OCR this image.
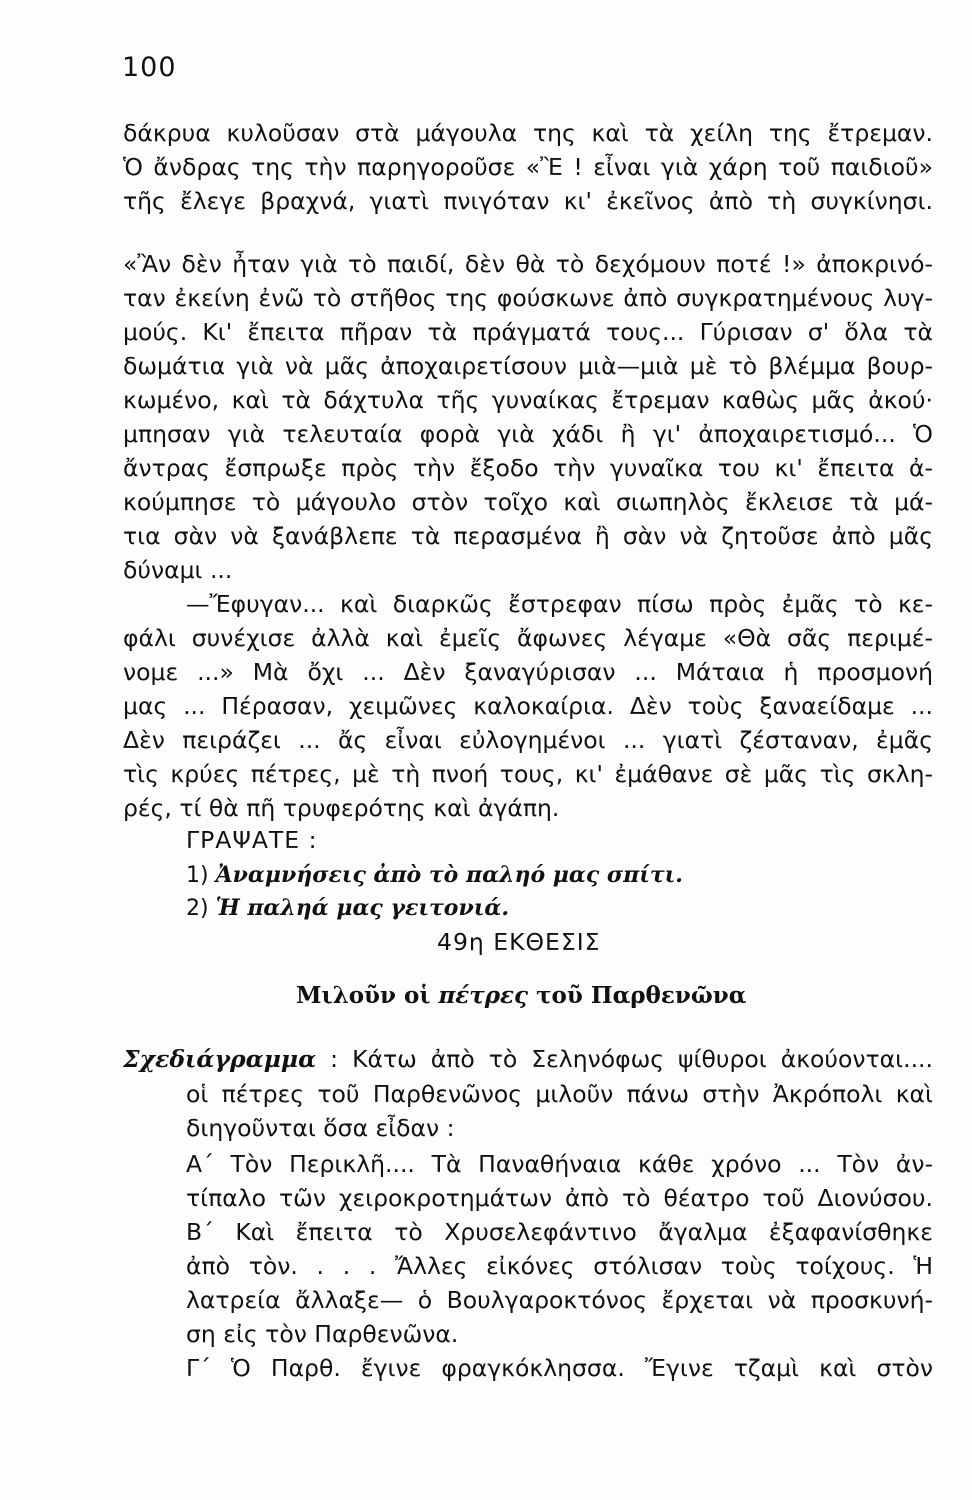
100
δάκρυα κυλοῦσαν στὰ μάγουλα της καὶ τὰ χείλη της ἔτρεμαν.
Ὁ ἄνδρας της τὴν παρηγοροῦσε «Ἒ ! εἶναι γιὰ χάρη τοῦ παιδιοῦ»
τῆς ἔλεγε βραχνά, γιατὶ πνιγόταν κι' ἐκεῖνος ἀπὸ τὴ συγκίνησι.
«Ἂν δὲν ἦταν γιὰ τὸ παιδί, δὲν θὰ τὸ δεχόμουν ποτέ !» ἀποκρινό-
ταν ἐκείνη ἐνῶ τὸ στῆθος της φούσκωνε ἀπὸ συγκρατημένους λυγ-
μούς. Κι' ἔπειτα πῆραν τὰ πράγματά τους... Γύρισαν σ' ὅλα τὰ
δωμάτια γιὰ νὰ μᾶς ἀποχαιρετίσουν μιὰ—μιὰ μὲ τὸ βλέμμα βουρ-
κωμένο, καὶ τὰ δάχτυλα τῆς γυναίκας ἔτρεμαν καθὼς μᾶς ἀκού·
μπησαν γιὰ τελευταία φορὰ γιὰ χάδι ἢ γι' ἀποχαιρετισμό... Ὁ
ἄντρας ἔσπρωξε πρὸς τὴν ἔξοδο τὴν γυναῖκα του κι' ἔπειτα ἀ-
κούμπησε τὸ μάγουλο στὸν τοῖχο καὶ σιωπηλὸς ἔκλεισε τὰ μά-
τια σὰν νὰ ξανάβλεπε τὰ περασμένα ἢ σὰν νὰ ζητοῦσε ἀπὸ μᾶς
δύναμι ...
—Ἔφυγαν... καὶ διαρκῶς ἔστρεφαν πίσω πρὸς ἐμᾶς τὸ κε-
φάλι συνέχισε ἀλλὰ καὶ ἐμεῖς ἄφωνες λέγαμε «Θὰ σᾶς περιμέ-
νομε ...» Μὰ ὄχι ... Δὲν ξαναγύρισαν ... Μάταια ἡ προσμονή
μας ... Πέρασαν, χειμῶνες καλοκαίρια. Δὲν τοὺς ξαναείδαμε ...
Δὲν πειράζει ... ἄς εἶναι εὐλογημένοι ... γιατὶ ζέσταναν, ἐμᾶς
τὶς κρύες πέτρες, μὲ τὴ πνοή τους, κι' ἐμάθανε σὲ μᾶς τὶς σκλη-
ρές, τί θὰ πῆ τρυφερότης καὶ ἀγάπη.
ΓΡΑΨΑΤΕ :
1) Ἀναμνήσεις ἀπὸ τὸ παληό μας σπίτι.
2) Ἡ παληά μας γειτονιά.
49η ΕΚΘΕΣΙΣ
Μιλοῦν οἱ πέτρες τοῦ Παρθενῶνα
Σχεδιάγραμμα : Κάτω ἀπὸ τὸ Σεληνόφως ψίθυροι ἀκούονται....
οἱ πέτρες τοῦ Παρθενῶνος μιλοῦν πάνω στὴν Ἀκρόπολι καὶ
διηγοῦνται ὅσα εἶδαν :
Α΄ Τὸν Περικλῆ.... Τὰ Παναθήναια κάθε χρόνο ... Τὸν ἀν-
τίπαλο τῶν χειροκροτημάτων ἀπὸ τὸ θέατρο τοῦ Διονύσου.
Β΄ Καὶ ἔπειτα τὸ Χρυσελεφάντινο ἄγαλμα ἐξαφανίσθηκε
ἀπὸ τὸν. . . . Ἄλλες εἰκόνες στόλισαν τοὺς τοίχους. Ἡ
λατρεία ἄλλαξε— ὁ Βουλγαροκτόνος ἔρχεται νὰ προσκυνή-
ση εἰς τὸν Παρθενῶνα.
Γ΄ Ὁ Παρθ. ἔγινε φραγκόκλησσα. Ἔγινε τζαμὶ καὶ στὸν
